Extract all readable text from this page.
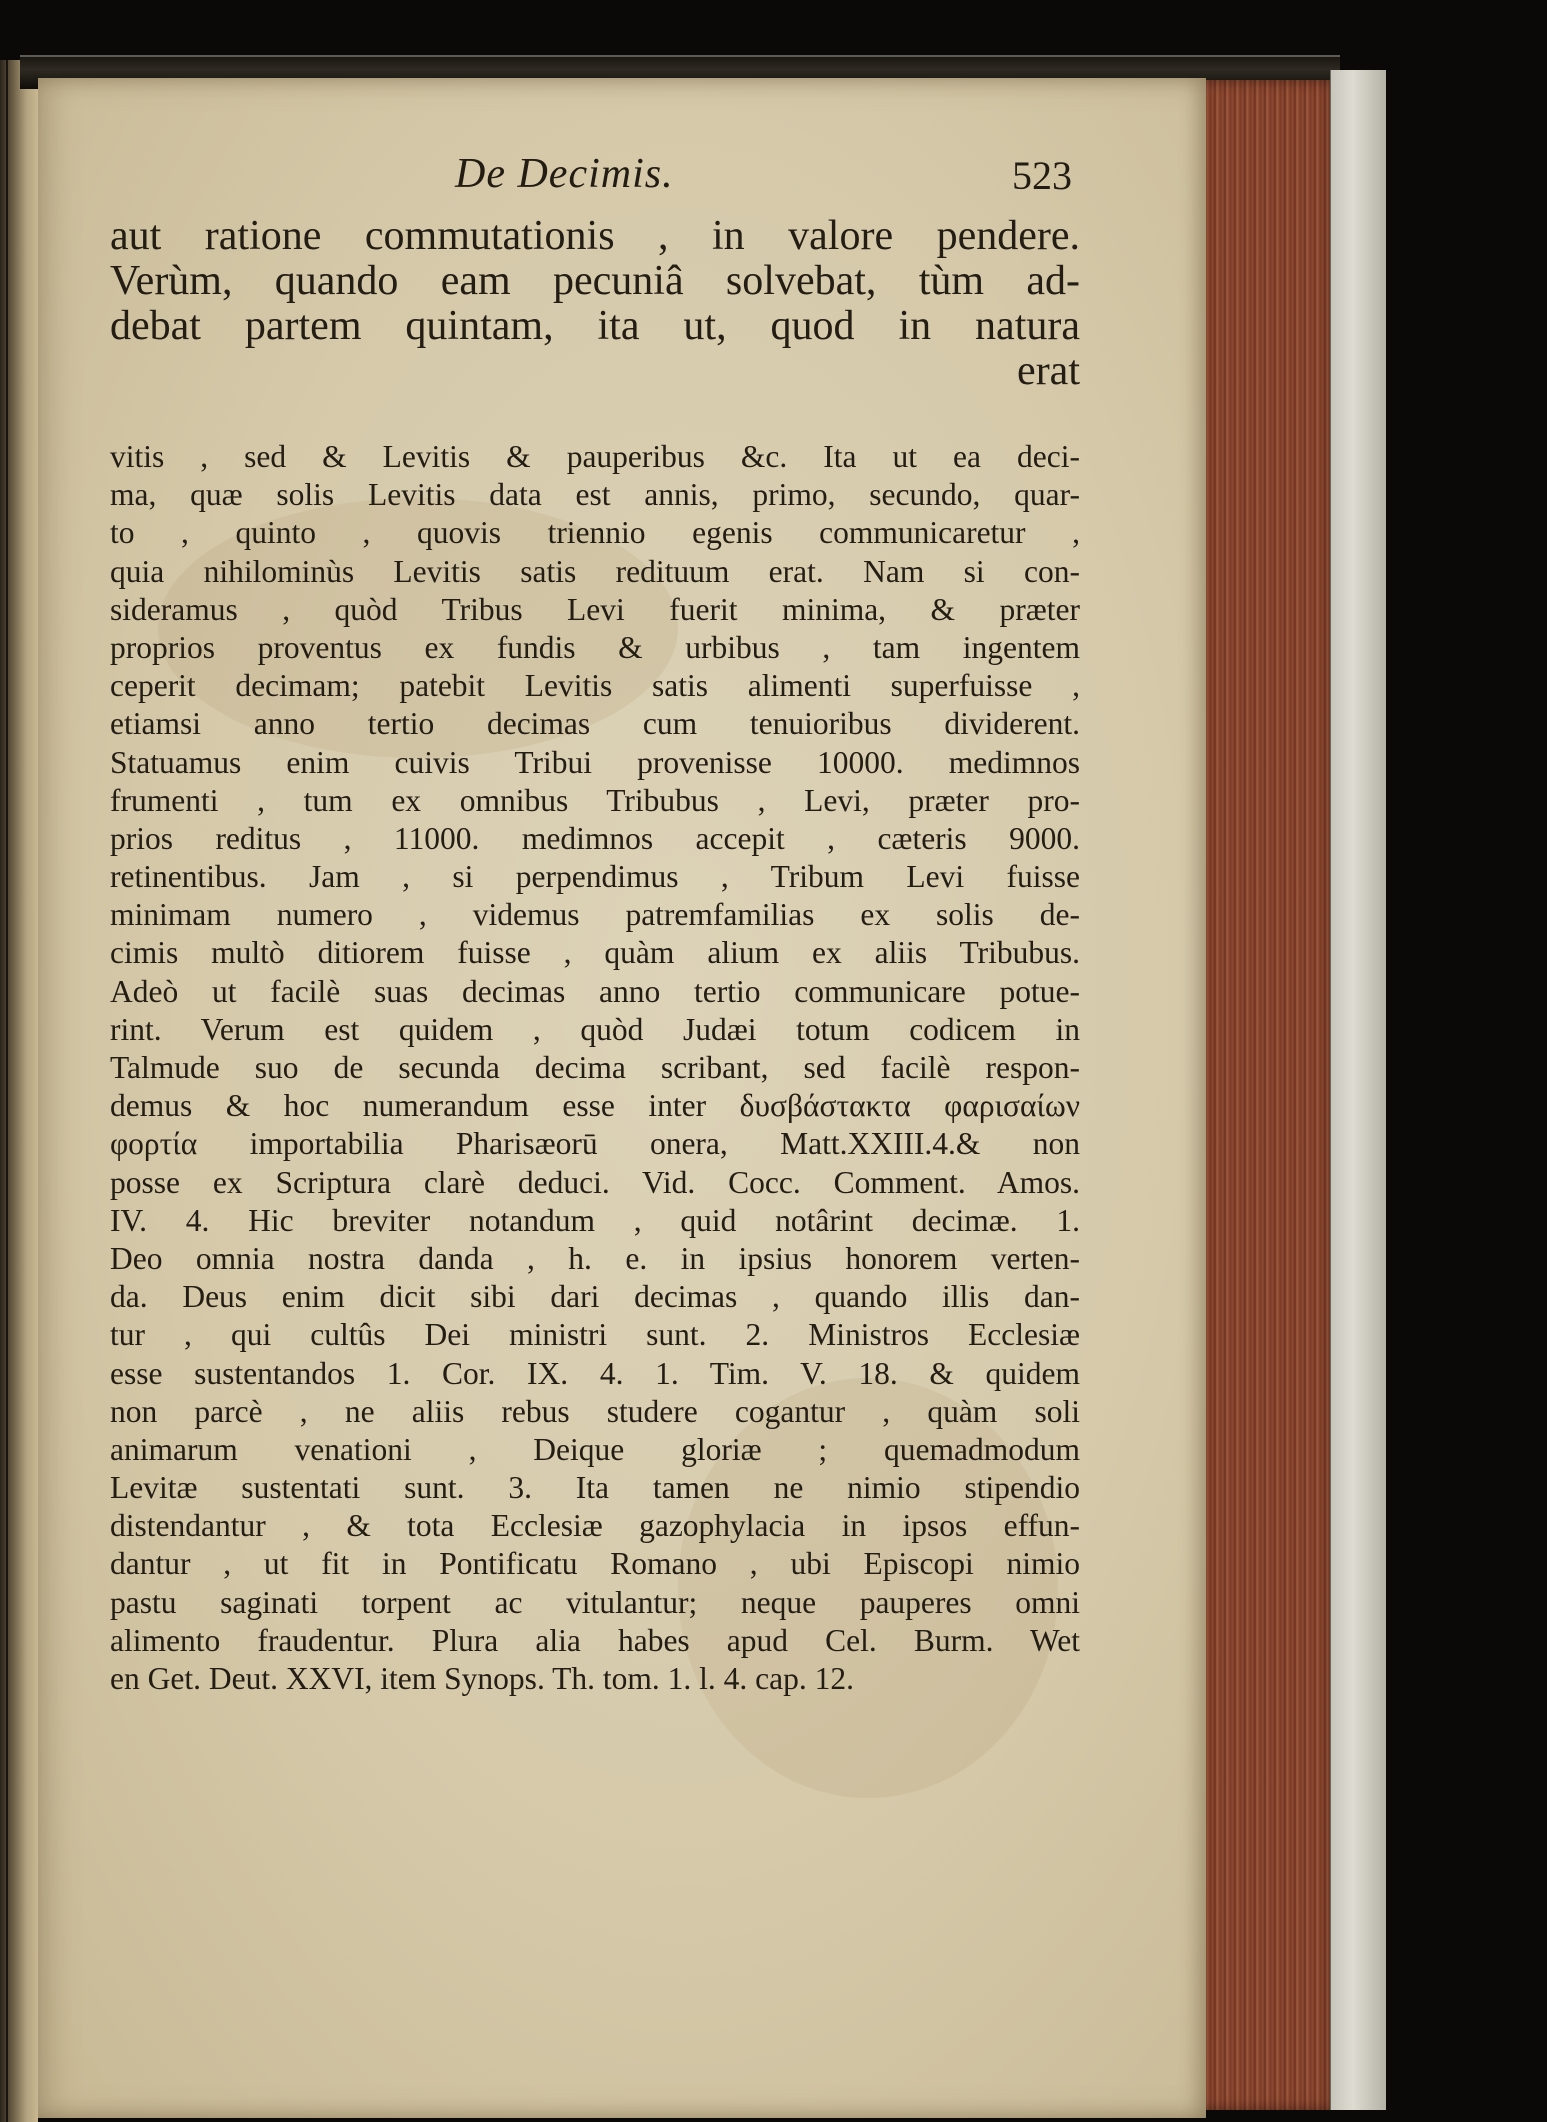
De Decimis.	523
aut ratione commutationis , in valore pendere.
Verùm, quando eam pecuniâ solvebat, tùm ad-
debat partem quintam, ita ut, quod in natura
erat
vitis , sed & Levitis & pauperibus &c. Ita ut ea deci-
ma, quæ solis Levitis data est annis, primo, secundo, quar-
to , quinto , quovis triennio egenis communicaretur ,
quia nihilominùs Levitis satis redituum erat. Nam si con-
sideramus , quòd Tribus Levi fuerit minima, & præter
proprios proventus ex fundis & urbibus , tam ingentem
ceperit decimam; patebit Levitis satis alimenti superfuisse ,
etiamsi anno tertio decimas cum tenuioribus dividerent.
Statuamus enim cuivis Tribui provenisse 10000. medimnos
frumenti , tum ex omnibus Tribubus , Levi, præter pro-
prios reditus , 11000. medimnos accepit , cæteris 9000.
retinentibus. Jam , si perpendimus , Tribum Levi fuisse
minimam numero , videmus patremfamilias ex solis de-
cimis multò ditiorem fuisse , quàm alium ex aliis Tribubus.
Adeò ut facilè suas decimas anno tertio communicare potue-
rint. Verum est quidem , quòd Judæi totum codicem in
Talmude suo de secunda decima scribant, sed facilè respon-
demus & hoc numerandum esse inter δυσβάστακτα φαρισαίων
φορτία importabilia Pharisæorū onera, Matt.XXIII.4.& non
posse ex Scriptura clarè deduci. Vid. Cocc. Comment. Amos.
IV. 4. Hic breviter notandum , quid notârint decimæ. 1.
Deo omnia nostra danda , h. e. in ipsius honorem verten-
da. Deus enim dicit sibi dari decimas , quando illis dan-
tur , qui cultûs Dei ministri sunt. 2. Ministros Ecclesiæ
esse sustentandos 1. Cor. IX. 4. 1. Tim. V. 18. & quidem
non parcè , ne aliis rebus studere cogantur , quàm soli
animarum venationi , Deique gloriæ ; quemadmodum
Levitæ sustentati sunt. 3. Ita tamen ne nimio stipendio
distendantur , & tota Ecclesiæ gazophylacia in ipsos effun-
dantur , ut fit in Pontificatu Romano , ubi Episcopi nimio
pastu saginati torpent ac vitulantur; neque pauperes omni
alimento fraudentur. Plura alia habes apud Cel. Burm. Wet
en Get. Deut. XXVI, item Synops. Th. tom. 1. l. 4. cap. 12.
